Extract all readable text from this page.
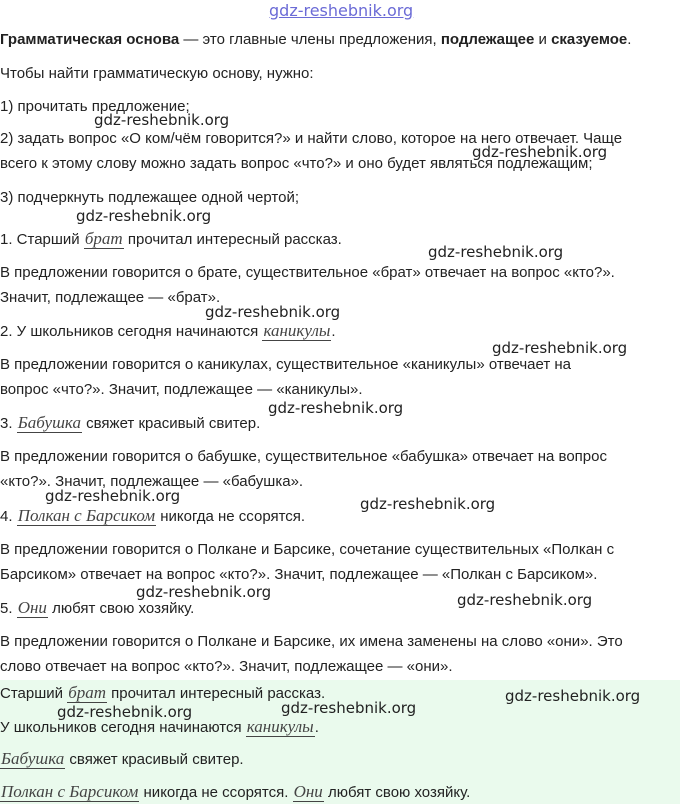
gdz-reshebnik.org

Грамматическая основа — это главные члены предложения, подлежащее и сказуемое.

Чтобы найти грамматическую основу, нужно:

1) прочитать предложение;

2) задать вопрос «О ком/чём говорится?» и найти слово, которое на него отвечает. Чаще

всего к этому слову можно задать вопрос «что?» и оно будет являться подлежащим;

3) подчеркнуть подлежащее одной чертой;

1. Старший брат прочитал интересный рассказ.

В предложении говорится о брате, существительное «брат» отвечает на вопрос «кто?».

Значит, подлежащее — «брат».

2. У школьников сегодня начинаются каникулы.

В предложении говорится о каникулах, существительное «каникулы» отвечает на

вопрос «что?». Значит, подлежащее — «каникулы».

3. Бабушка свяжет красивый свитер.

В предложении говорится о бабушке, существительное «бабушка» отвечает на вопрос

«кто?». Значит, подлежащее — «бабушка».

4. Полкан с Барсиком никогда не ссорятся.

В предложении говорится о Полкане и Барсике, сочетание существительных «Полкан с

Барсиком» отвечает на вопрос «кто?». Значит, подлежащее — «Полкан с Барсиком».

5. Они любят свою хозяйку.

В предложении говорится о Полкане и Барсике, их имена заменены на слово «они». Это

слово отвечает на вопрос «кто?». Значит, подлежащее — «они».

Старший брат прочитал интересный рассказ.

У школьников сегодня начинаются каникулы.

Бабушка свяжет красивый свитер.

Полкан с Барсиком никогда не ссорятся. Они любят свою хозяйку.

gdz-reshebnik.org
gdz-reshebnik.org
gdz-reshebnik.org
gdz-reshebnik.org
gdz-reshebnik.org
gdz-reshebnik.org
gdz-reshebnik.org
gdz-reshebnik.org	gdz-reshebnik.org
gdz-reshebnik.org	gdz-reshebnik.org
gdz-reshebnik.org
gdz-reshebnik.org	gdz-reshebnik.org
